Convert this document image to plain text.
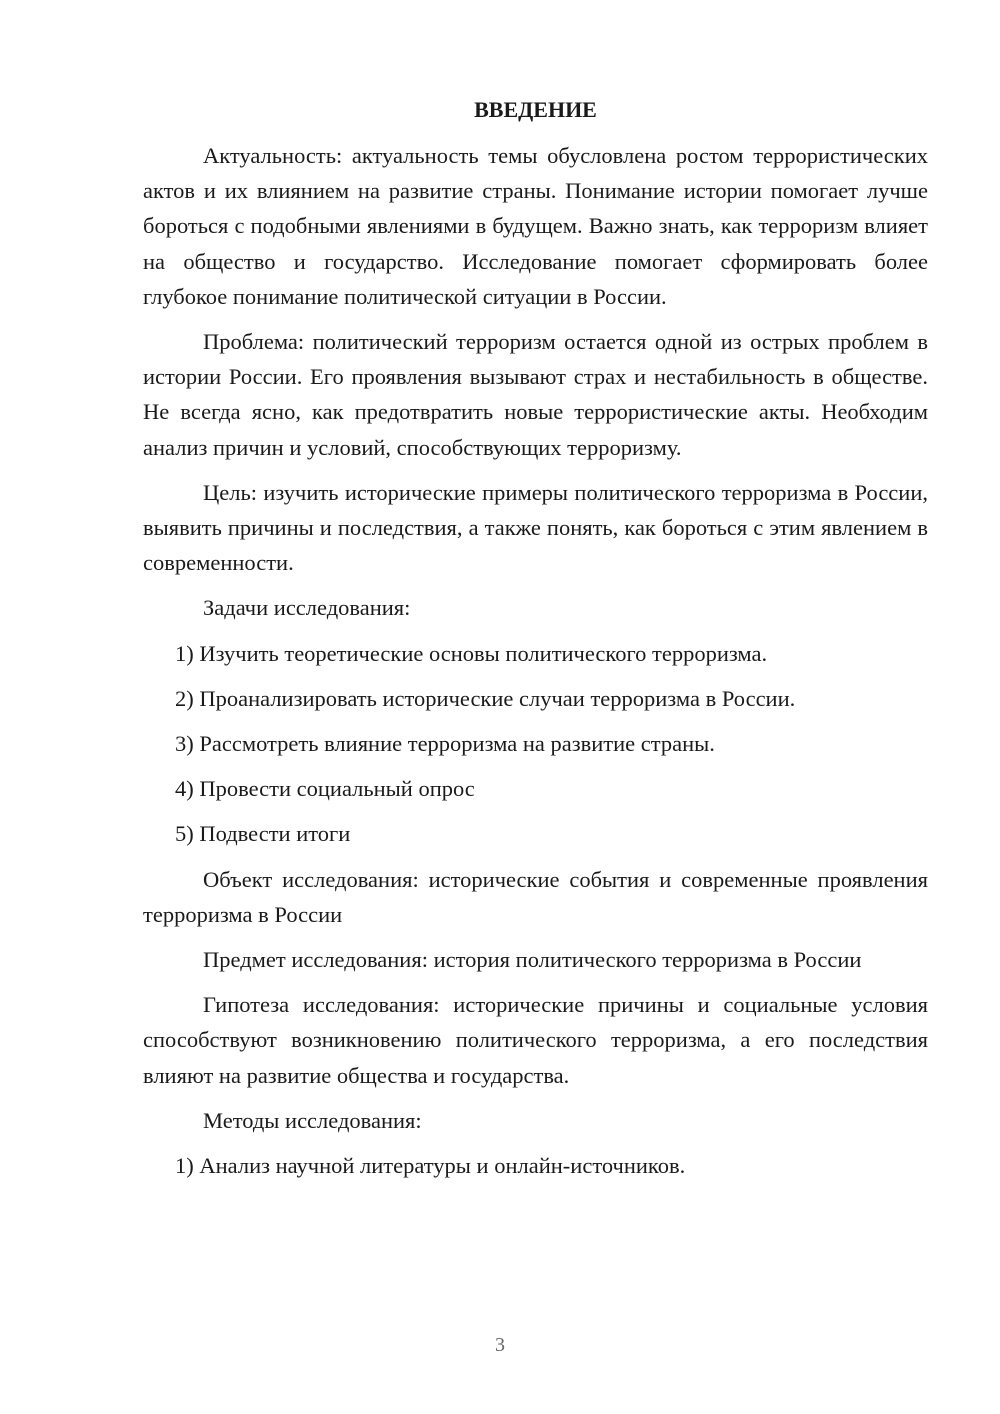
ВВЕДЕНИЕ

Актуальность: актуальность темы обусловлена ростом террористических актов и их влиянием на развитие страны. Понимание истории помогает лучше бороться с подобными явлениями в будущем. Важно знать, как терроризм влияет на общество и государство. Исследование помогает сформировать более глубокое понимание политической ситуации в России.

Проблема: политический терроризм остается одной из острых проблем в истории России. Его проявления вызывают страх и нестабильность в обществе. Не всегда ясно, как предотвратить новые террористические акты. Необходим анализ причин и условий, способствующих терроризму.

Цель: изучить исторические примеры политического терроризма в России, выявить причины и последствия, а также понять, как бороться с этим явлением в современности.

Задачи исследования:

1) Изучить теоретические основы политического терроризма.

2) Проанализировать исторические случаи терроризма в России.

3) Рассмотреть влияние терроризма на развитие страны.

4) Провести социальный опрос

5) Подвести итоги

Объект исследования: исторические события и современные проявления терроризма в России

Предмет исследования: история политического терроризма в России

Гипотеза исследования: исторические причины и социальные условия способствуют возникновению политического терроризма, а его последствия влияют на развитие общества и государства.

Методы исследования:

1) Анализ научной литературы и онлайн-источников.

3
